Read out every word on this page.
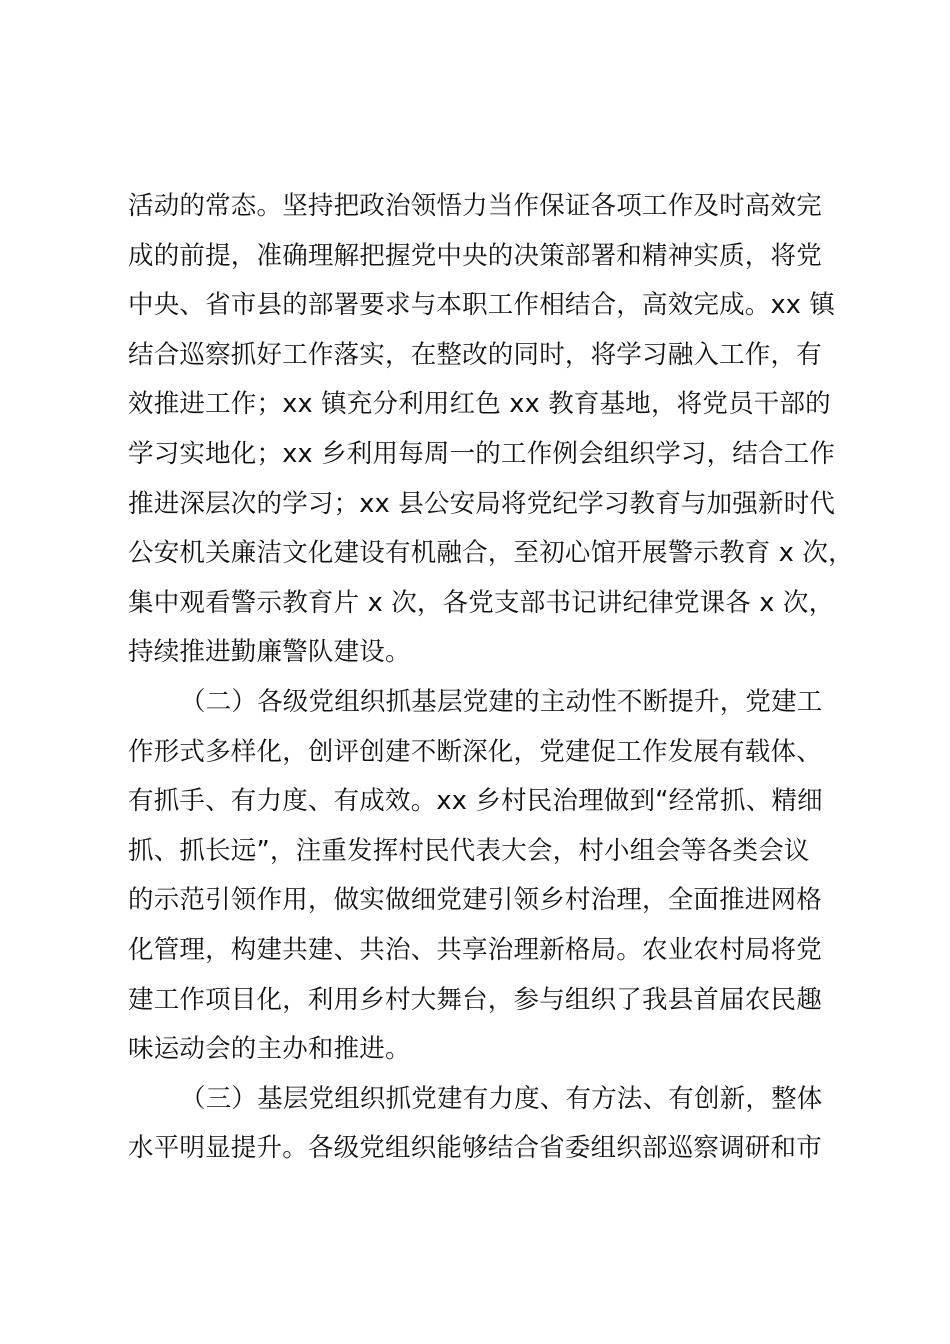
活动的常态。坚持把政治领悟力当作保证各项工作及时高效完
成的前提，准确理解把握党中央的决策部署和精神实质，将党
中央、省市县的部署要求与本职工作相结合，高效完成。xx 镇
结合巡察抓好工作落实，在整改的同时，将学习融入工作，有
效推进工作；xx 镇充分利用红色 xx 教育基地，将党员干部的
学习实地化；xx 乡利用每周一的工作例会组织学习，结合工作
推进深层次的学习；xx 县公安局将党纪学习教育与加强新时代
公安机关廉洁文化建设有机融合，至初心馆开展警示教育 x 次，
集中观看警示教育片 x 次，各党支部书记讲纪律党课各 x 次，
持续推进勤廉警队建设。
（二）各级党组织抓基层党建的主动性不断提升，党建工
作形式多样化，创评创建不断深化，党建促工作发展有载体、
有抓手、有力度、有成效。xx 乡村民治理做到“经常抓、精细
抓、抓长远”，注重发挥村民代表大会，村小组会等各类会议
的示范引领作用，做实做细党建引领乡村治理，全面推进网格
化管理，构建共建、共治、共享治理新格局。农业农村局将党
建工作项目化，利用乡村大舞台，参与组织了我县首届农民趣
味运动会的主办和推进。
（三）基层党组织抓党建有力度、有方法、有创新，整体
水平明显提升。各级党组织能够结合省委组织部巡察调研和市
